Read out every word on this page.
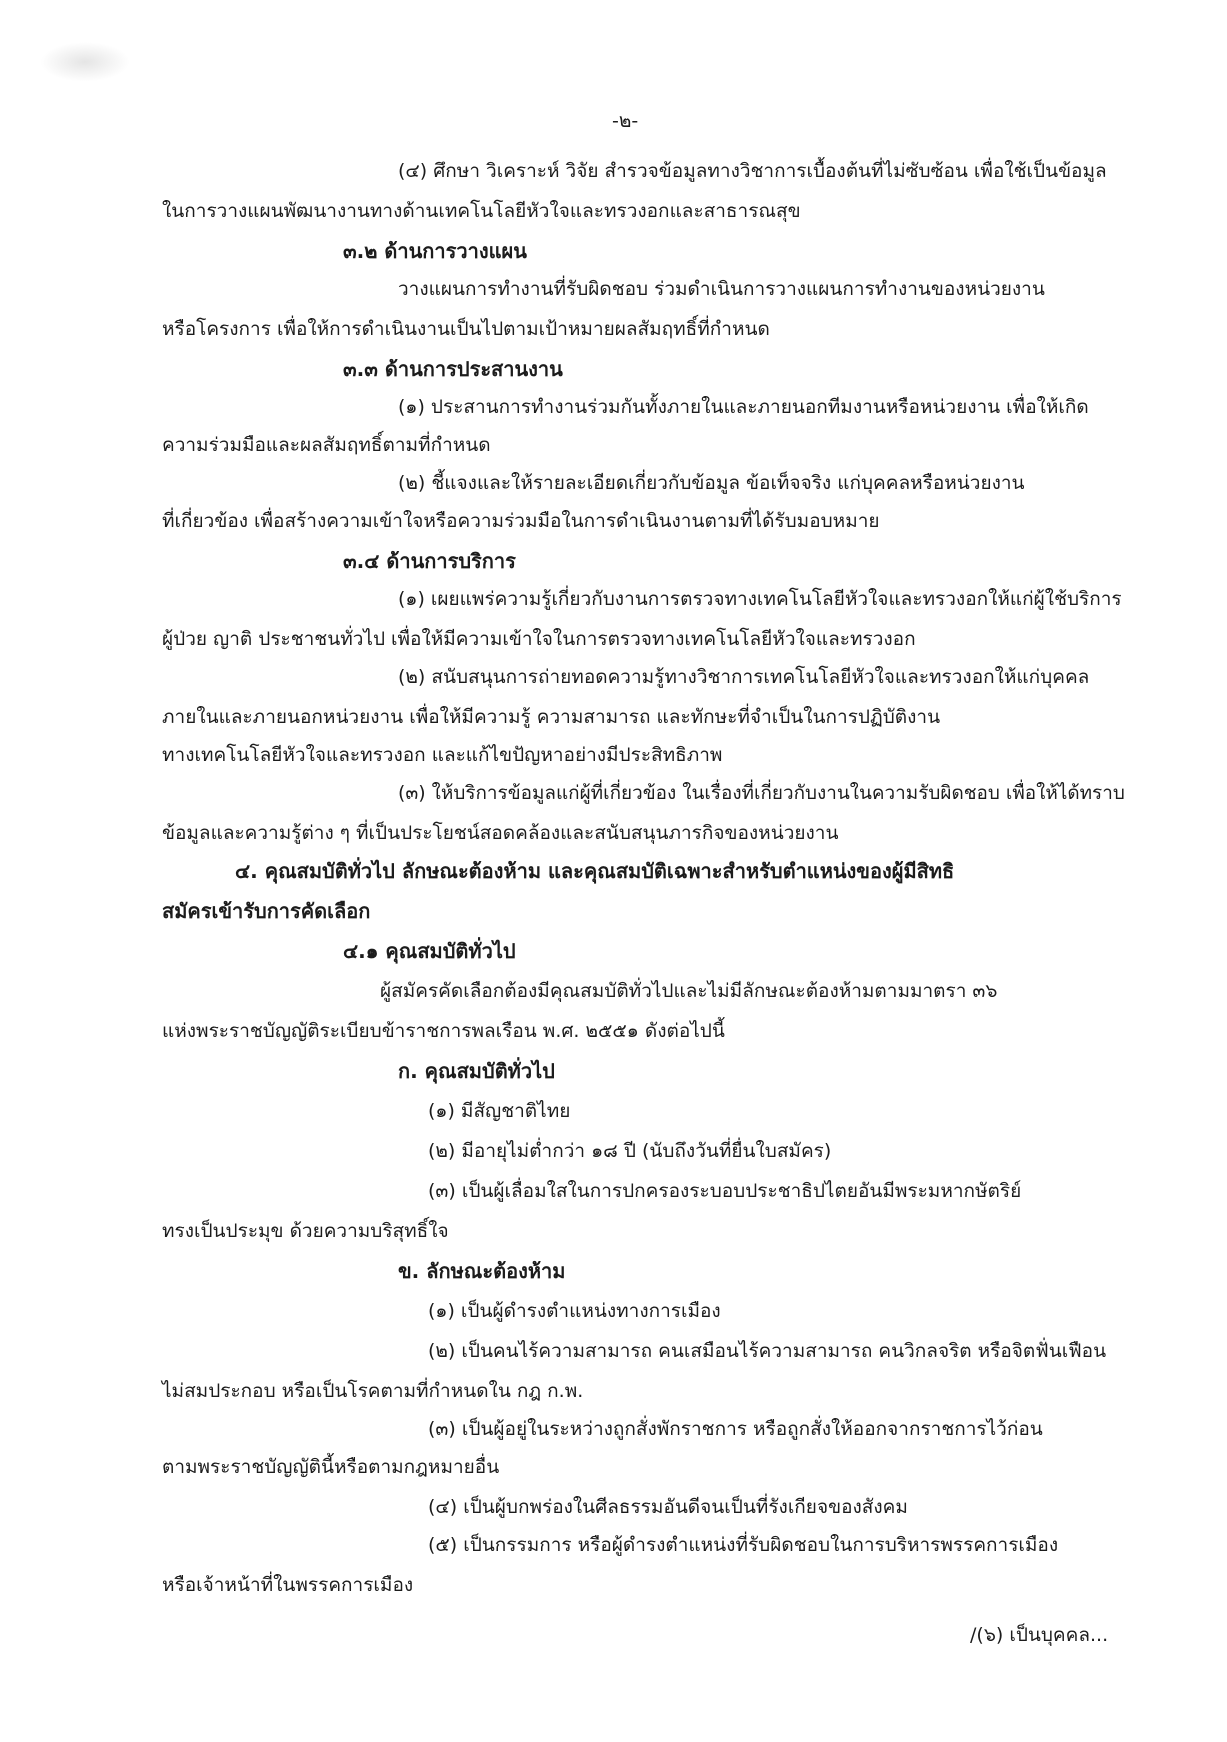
-๒-
(๔) ศึกษา วิเคราะห์ วิจัย สำรวจข้อมูลทางวิชาการเบื้องต้นที่ไม่ซับซ้อน เพื่อใช้เป็นข้อมูล
ในการวางแผนพัฒนางานทางด้านเทคโนโลยีหัวใจและทรวงอกและสาธารณสุข
๓.๒ ด้านการวางแผน
วางแผนการทำงานที่รับผิดชอบ ร่วมดำเนินการวางแผนการทำงานของหน่วยงาน
หรือโครงการ เพื่อให้การดำเนินงานเป็นไปตามเป้าหมายผลสัมฤทธิ์ที่กำหนด
๓.๓ ด้านการประสานงาน
(๑) ประสานการทำงานร่วมกันทั้งภายในและภายนอกทีมงานหรือหน่วยงาน เพื่อให้เกิด
ความร่วมมือและผลสัมฤทธิ์ตามที่กำหนด
(๒) ชี้แจงและให้รายละเอียดเกี่ยวกับข้อมูล ข้อเท็จจริง แก่บุคคลหรือหน่วยงาน
ที่เกี่ยวข้อง เพื่อสร้างความเข้าใจหรือความร่วมมือในการดำเนินงานตามที่ได้รับมอบหมาย
๓.๔ ด้านการบริการ
(๑) เผยแพร่ความรู้เกี่ยวกับงานการตรวจทางเทคโนโลยีหัวใจและทรวงอกให้แก่ผู้ใช้บริการ
ผู้ป่วย ญาติ ประชาชนทั่วไป เพื่อให้มีความเข้าใจในการตรวจทางเทคโนโลยีหัวใจและทรวงอก
(๒) สนับสนุนการถ่ายทอดความรู้ทางวิชาการเทคโนโลยีหัวใจและทรวงอกให้แก่บุคคล
ภายในและภายนอกหน่วยงาน เพื่อให้มีความรู้ ความสามารถ และทักษะที่จำเป็นในการปฏิบัติงาน
ทางเทคโนโลยีหัวใจและทรวงอก และแก้ไขปัญหาอย่างมีประสิทธิภาพ
(๓) ให้บริการข้อมูลแก่ผู้ที่เกี่ยวข้อง ในเรื่องที่เกี่ยวกับงานในความรับผิดชอบ เพื่อให้ได้ทราบ
ข้อมูลและความรู้ต่าง ๆ ที่เป็นประโยชน์สอดคล้องและสนับสนุนภารกิจของหน่วยงาน
๔. คุณสมบัติทั่วไป ลักษณะต้องห้าม และคุณสมบัติเฉพาะสำหรับตำแหน่งของผู้มีสิทธิ
สมัครเข้ารับการคัดเลือก
๔.๑ คุณสมบัติทั่วไป
ผู้สมัครคัดเลือกต้องมีคุณสมบัติทั่วไปและไม่มีลักษณะต้องห้ามตามมาตรา ๓๖
แห่งพระราชบัญญัติระเบียบข้าราชการพลเรือน พ.ศ. ๒๕๕๑ ดังต่อไปนี้
ก. คุณสมบัติทั่วไป
(๑) มีสัญชาติไทย
(๒) มีอายุไม่ต่ำกว่า ๑๘ ปี (นับถึงวันที่ยื่นใบสมัคร)
(๓) เป็นผู้เลื่อมใสในการปกครองระบอบประชาธิปไตยอันมีพระมหากษัตริย์
ทรงเป็นประมุข ด้วยความบริสุทธิ์ใจ
ข. ลักษณะต้องห้าม
(๑) เป็นผู้ดำรงตำแหน่งทางการเมือง
(๒) เป็นคนไร้ความสามารถ คนเสมือนไร้ความสามารถ คนวิกลจริต หรือจิตฟั่นเฟือน
ไม่สมประกอบ หรือเป็นโรคตามที่กำหนดใน กฎ ก.พ.
(๓) เป็นผู้อยู่ในระหว่างถูกสั่งพักราชการ หรือถูกสั่งให้ออกจากราชการไว้ก่อน
ตามพระราชบัญญัตินี้หรือตามกฎหมายอื่น
(๔) เป็นผู้บกพร่องในศีลธรรมอันดีจนเป็นที่รังเกียจของสังคม
(๕) เป็นกรรมการ หรือผู้ดำรงตำแหน่งที่รับผิดชอบในการบริหารพรรคการเมือง
หรือเจ้าหน้าที่ในพรรคการเมือง
/(๖) เป็นบุคคล...
